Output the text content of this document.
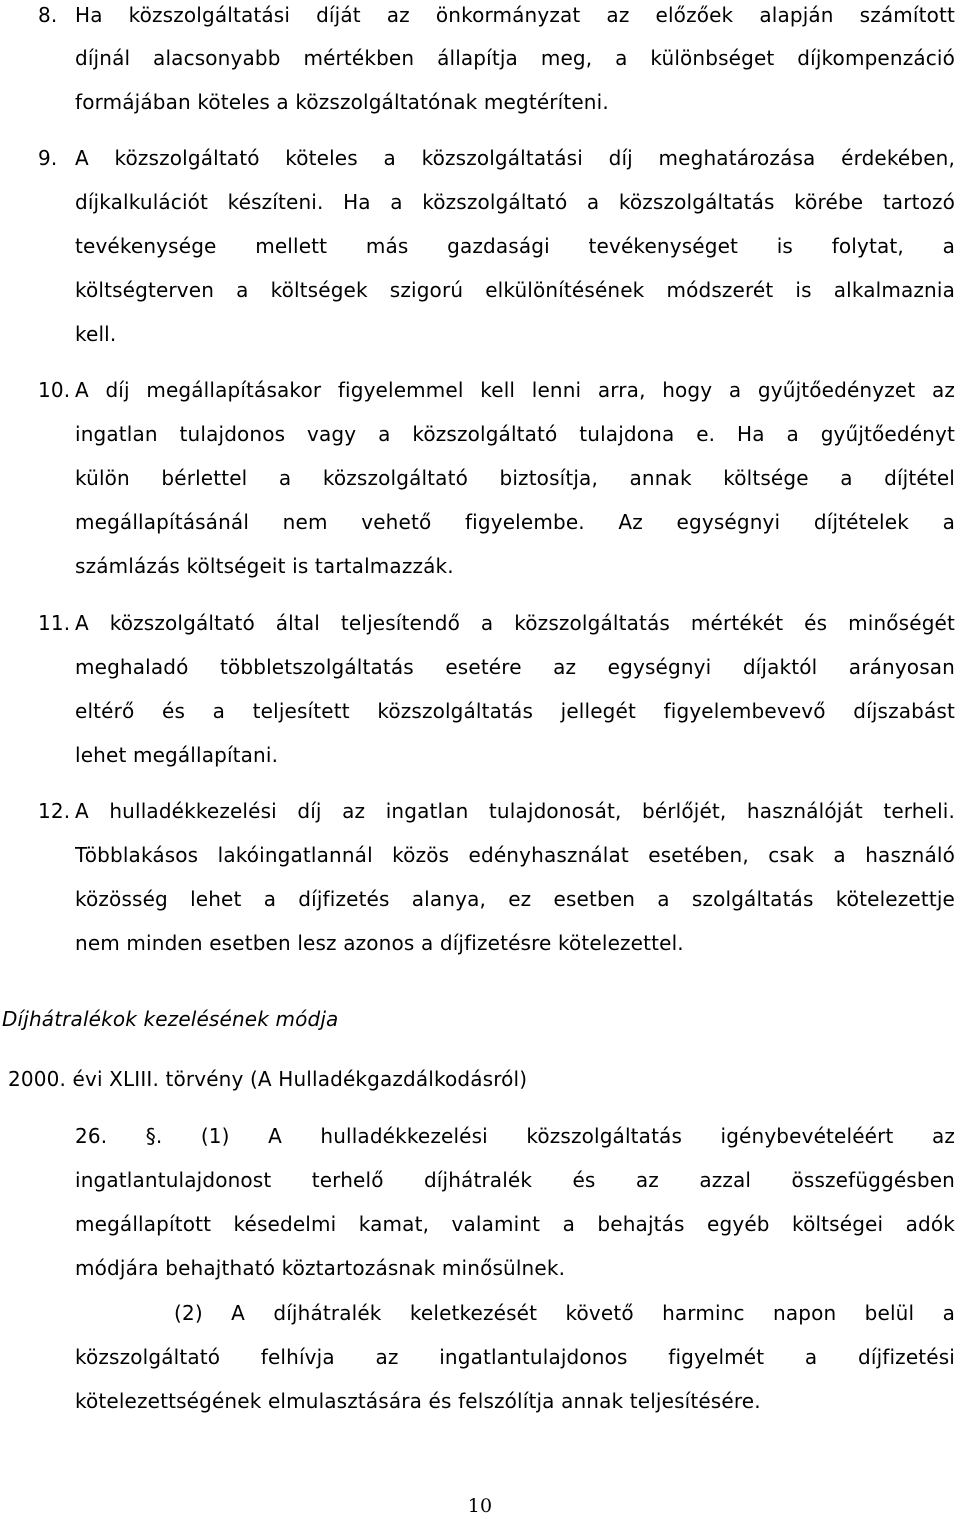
8. Ha közszolgáltatási díját az önkormányzat az előzőek alapján számított
díjnál alacsonyabb mértékben állapítja meg, a különbséget díjkompenzáció
formájában köteles a közszolgáltatónak megtéríteni.
9. A közszolgáltató köteles a közszolgáltatási díj meghatározása érdekében,
díjkalkulációt készíteni. Ha a közszolgáltató a közszolgáltatás körébe tartozó
tevékenysége mellett más gazdasági tevékenységet is folytat, a
költségterven a költségek szigorú elkülönítésének módszerét is alkalmaznia
kell.
10. A díj megállapításakor figyelemmel kell lenni arra, hogy a gyűjtőedényzet az
ingatlan tulajdonos vagy a közszolgáltató tulajdona e. Ha a gyűjtőedényt
külön bérlettel a közszolgáltató biztosítja, annak költsége a díjtétel
megállapításánál nem vehető figyelembe. Az egységnyi díjtételek a
számlázás költségeit is tartalmazzák.
11. A közszolgáltató által teljesítendő a közszolgáltatás mértékét és minőségét
meghaladó többletszolgáltatás esetére az egységnyi díjaktól arányosan
eltérő és a teljesített közszolgáltatás jellegét figyelembevevő díjszabást
lehet megállapítani.
12. A hulladékkezelési díj az ingatlan tulajdonosát, bérlőjét, használóját terheli.
Többlakásos lakóingatlannál közös edényhasználat esetében, csak a használó
közösség lehet a díjfizetés alanya, ez esetben a szolgáltatás kötelezettje
nem minden esetben lesz azonos a díjfizetésre kötelezettel.
Díjhátralékok kezelésének módja
2000. évi XLIII. törvény (A Hulladékgazdálkodásról)
26. §. (1) A hulladékkezelési közszolgáltatás igénybevételéért az
ingatlantulajdonost terhelő díjhátralék és az azzal összefüggésben
megállapított késedelmi kamat, valamint a behajtás egyéb költségei adók
módjára behajtható köztartozásnak minősülnek.
(2) A díjhátralék keletkezését követő harminc napon belül a
közszolgáltató felhívja az ingatlantulajdonos figyelmét a díjfizetési
kötelezettségének elmulasztására és felszólítja annak teljesítésére.
10
